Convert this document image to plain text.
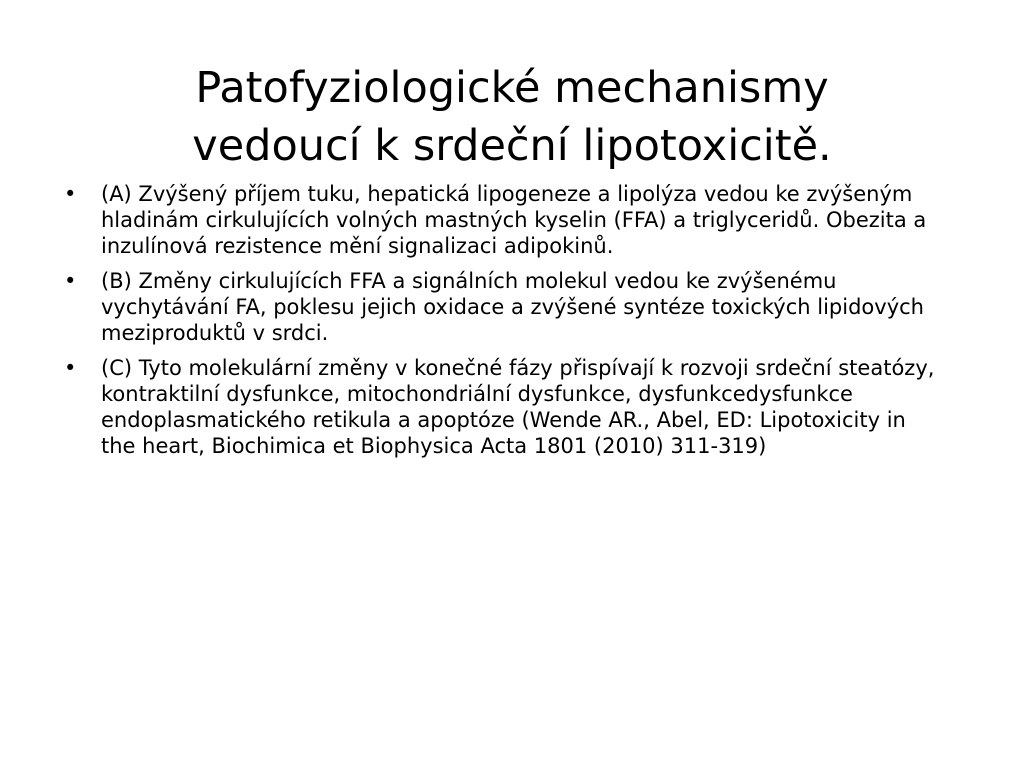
Patofyziologické mechanismy
vedoucí k srdeční lipotoxicitě.
• (A) Zvýšený příjem tuku, hepatická lipogeneze a lipolýza vedou ke zvýšeným hladinám cirkulujících volných mastných kyselin (FFA) a triglyceridů. Obezita a inzulínová rezistence mění signalizaci adipokinů.
• (B) Změny cirkulujících FFA a signálních molekul vedou ke zvýšenému vychytávání FA, poklesu jejich oxidace a zvýšené syntéze toxických lipidových meziproduktů v srdci.
• (C) Tyto molekulární změny v konečné fázy přispívají k rozvoji srdeční steatózy, kontraktilní dysfunkce, mitochondriální dysfunkce, dysfunkcedysfunkce endoplasmatického retikula a apoptóze (Wende AR., Abel, ED: Lipotoxicity in the heart, Biochimica et Biophysica Acta 1801 (2010) 311-319)
